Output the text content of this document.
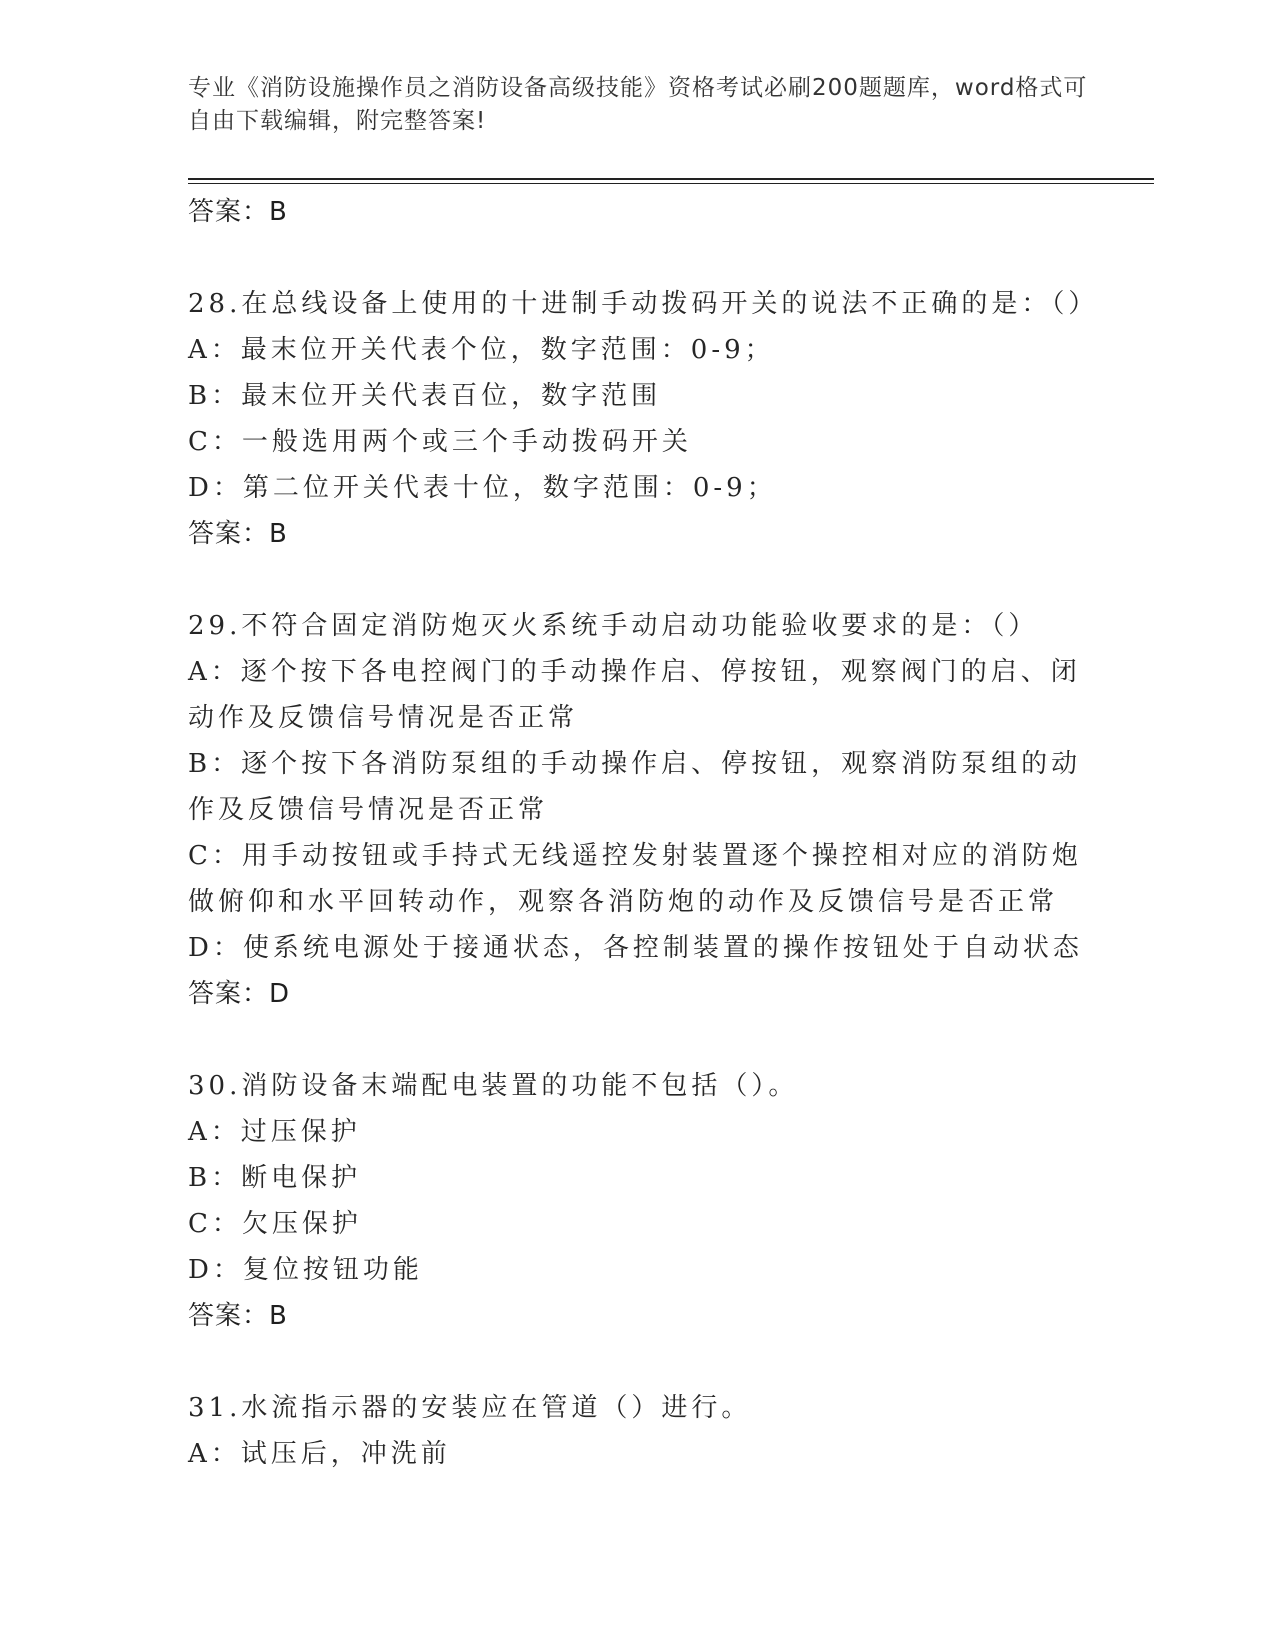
专业《消防设施操作员之消防设备高级技能》资格考试必刷200题题库，word格式可自由下载编辑，附完整答案!
答案：B
28.在总线设备上使用的十进制手动拨码开关的说法不正确的是：（）
A：最末位开关代表个位，数字范围：0-9；
B：最末位开关代表百位，数字范围
C：一般选用两个或三个手动拨码开关
D：第二位开关代表十位，数字范围：0-9；
答案：B
29.不符合固定消防炮灭火系统手动启动功能验收要求的是：（）
A：逐个按下各电控阀门的手动操作启、停按钮，观察阀门的启、闭动作及反馈信号情况是否正常
B：逐个按下各消防泵组的手动操作启、停按钮，观察消防泵组的动作及反馈信号情况是否正常
C：用手动按钮或手持式无线遥控发射装置逐个操控相对应的消防炮做俯仰和水平回转动作，观察各消防炮的动作及反馈信号是否正常
D：使系统电源处于接通状态，各控制装置的操作按钮处于自动状态
答案：D
30.消防设备末端配电装置的功能不包括（）。
A：过压保护
B：断电保护
C：欠压保护
D：复位按钮功能
答案：B
31.水流指示器的安装应在管道（）进行。
A：试压后，冲洗前
